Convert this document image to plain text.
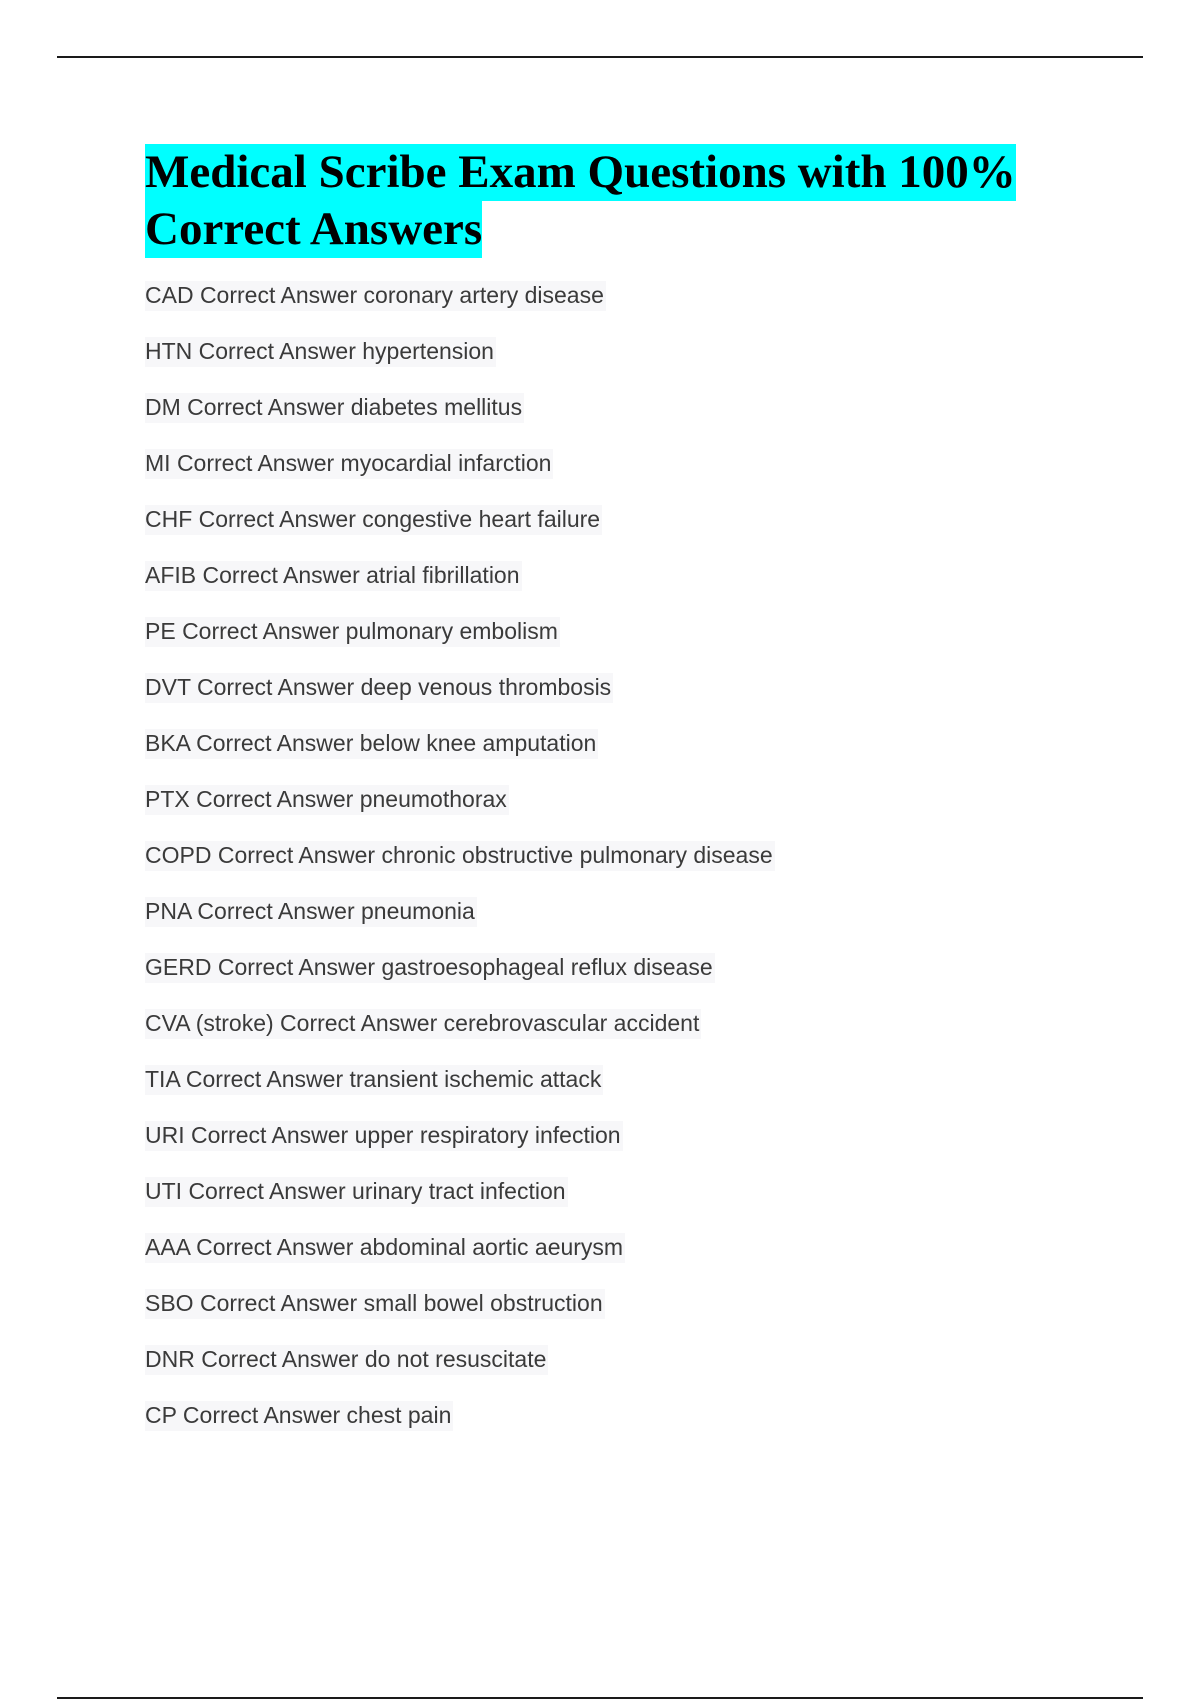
Medical Scribe Exam Questions with 100% Correct Answers
CAD Correct Answer coronary artery disease
HTN Correct Answer hypertension
DM Correct Answer diabetes mellitus
MI Correct Answer myocardial infarction
CHF Correct Answer congestive heart failure
AFIB Correct Answer atrial fibrillation
PE Correct Answer pulmonary embolism
DVT Correct Answer deep venous thrombosis
BKA Correct Answer below knee amputation
PTX Correct Answer pneumothorax
COPD Correct Answer chronic obstructive pulmonary disease
PNA Correct Answer pneumonia
GERD Correct Answer gastroesophageal reflux disease
CVA (stroke) Correct Answer cerebrovascular accident
TIA Correct Answer transient ischemic attack
URI Correct Answer upper respiratory infection
UTI Correct Answer urinary tract infection
AAA Correct Answer abdominal aortic aeurysm
SBO Correct Answer small bowel obstruction
DNR Correct Answer do not resuscitate
CP Correct Answer chest pain
